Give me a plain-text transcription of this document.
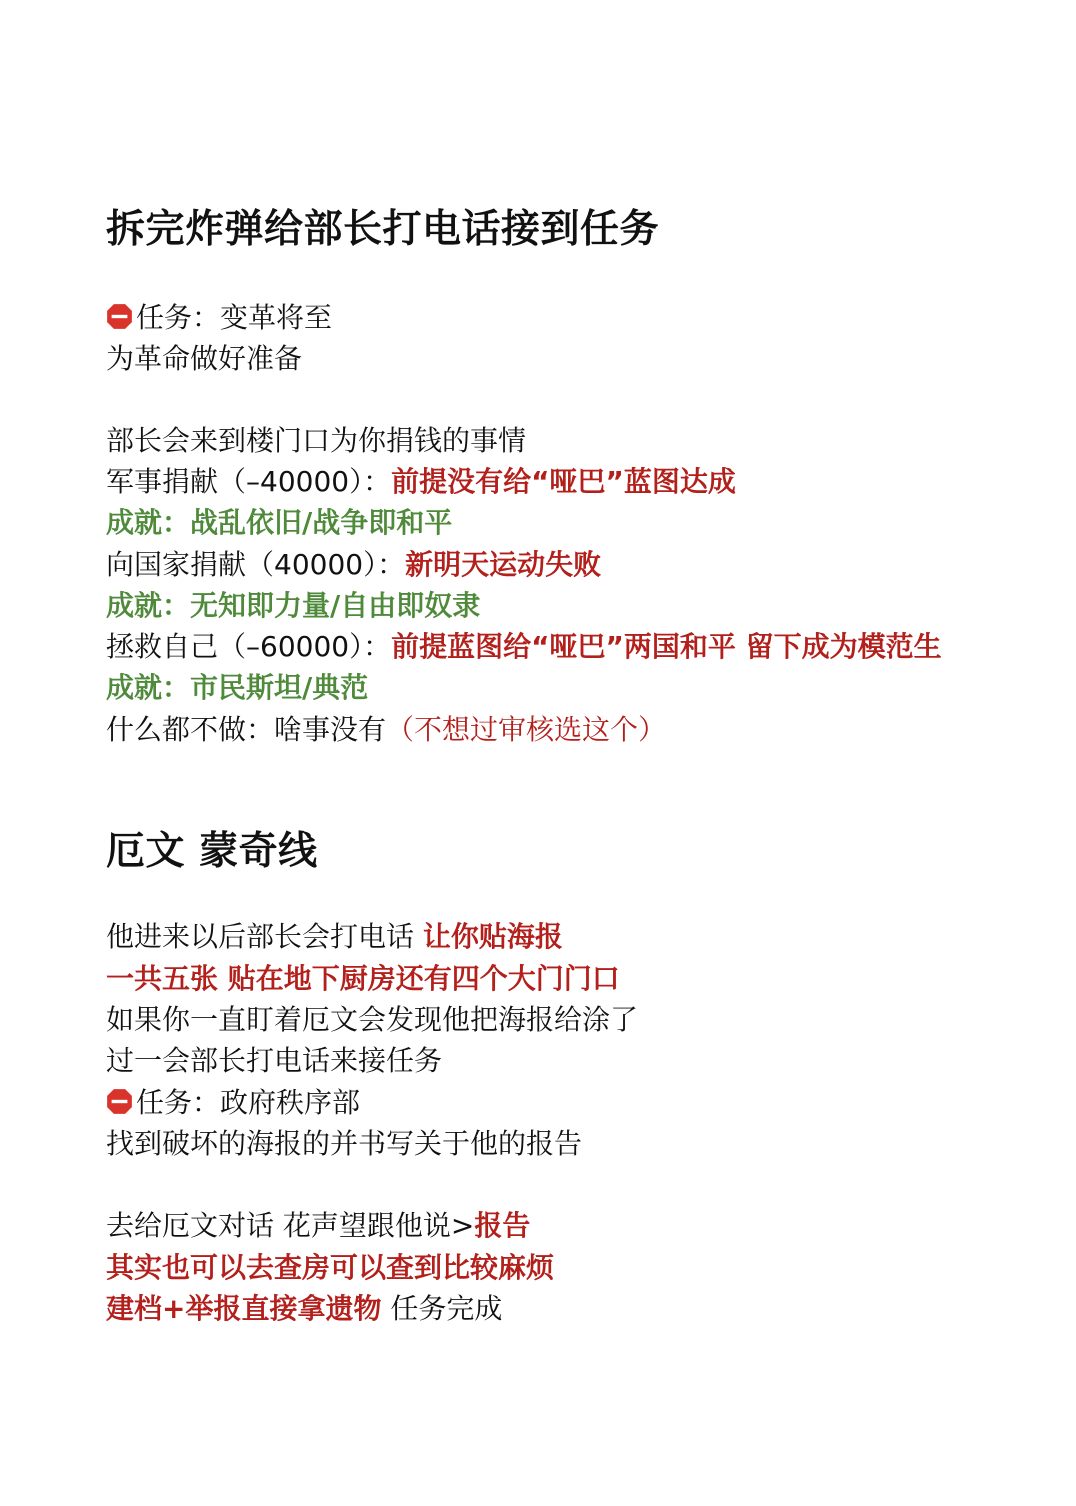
拆完炸弹给部长打电话接到任务
任务：变革将至
为革命做好准备
部长会来到楼门口为你捐钱的事情
军事捐献（–40000）：前提没有给“哑巴”蓝图达成
成就：战乱依旧/战争即和平
向国家捐献（40000）：新明天运动失败
成就：无知即力量/自由即奴隶
拯救自己（–60000）：前提蓝图给“哑巴”两国和平 留下成为模范生
成就：市民斯坦/典范
什么都不做：啥事没有（不想过审核选这个）
厄文 蒙奇线
他进来以后部长会打电话 让你贴海报
一共五张 贴在地下厨房还有四个大门门口
如果你一直盯着厄文会发现他把海报给涂了
过一会部长打电话来接任务
任务：政府秩序部
找到破坏的海报的并书写关于他的报告
去给厄文对话 花声望跟他说>报告
其实也可以去查房可以查到比较麻烦
建档+举报直接拿遗物 任务完成
